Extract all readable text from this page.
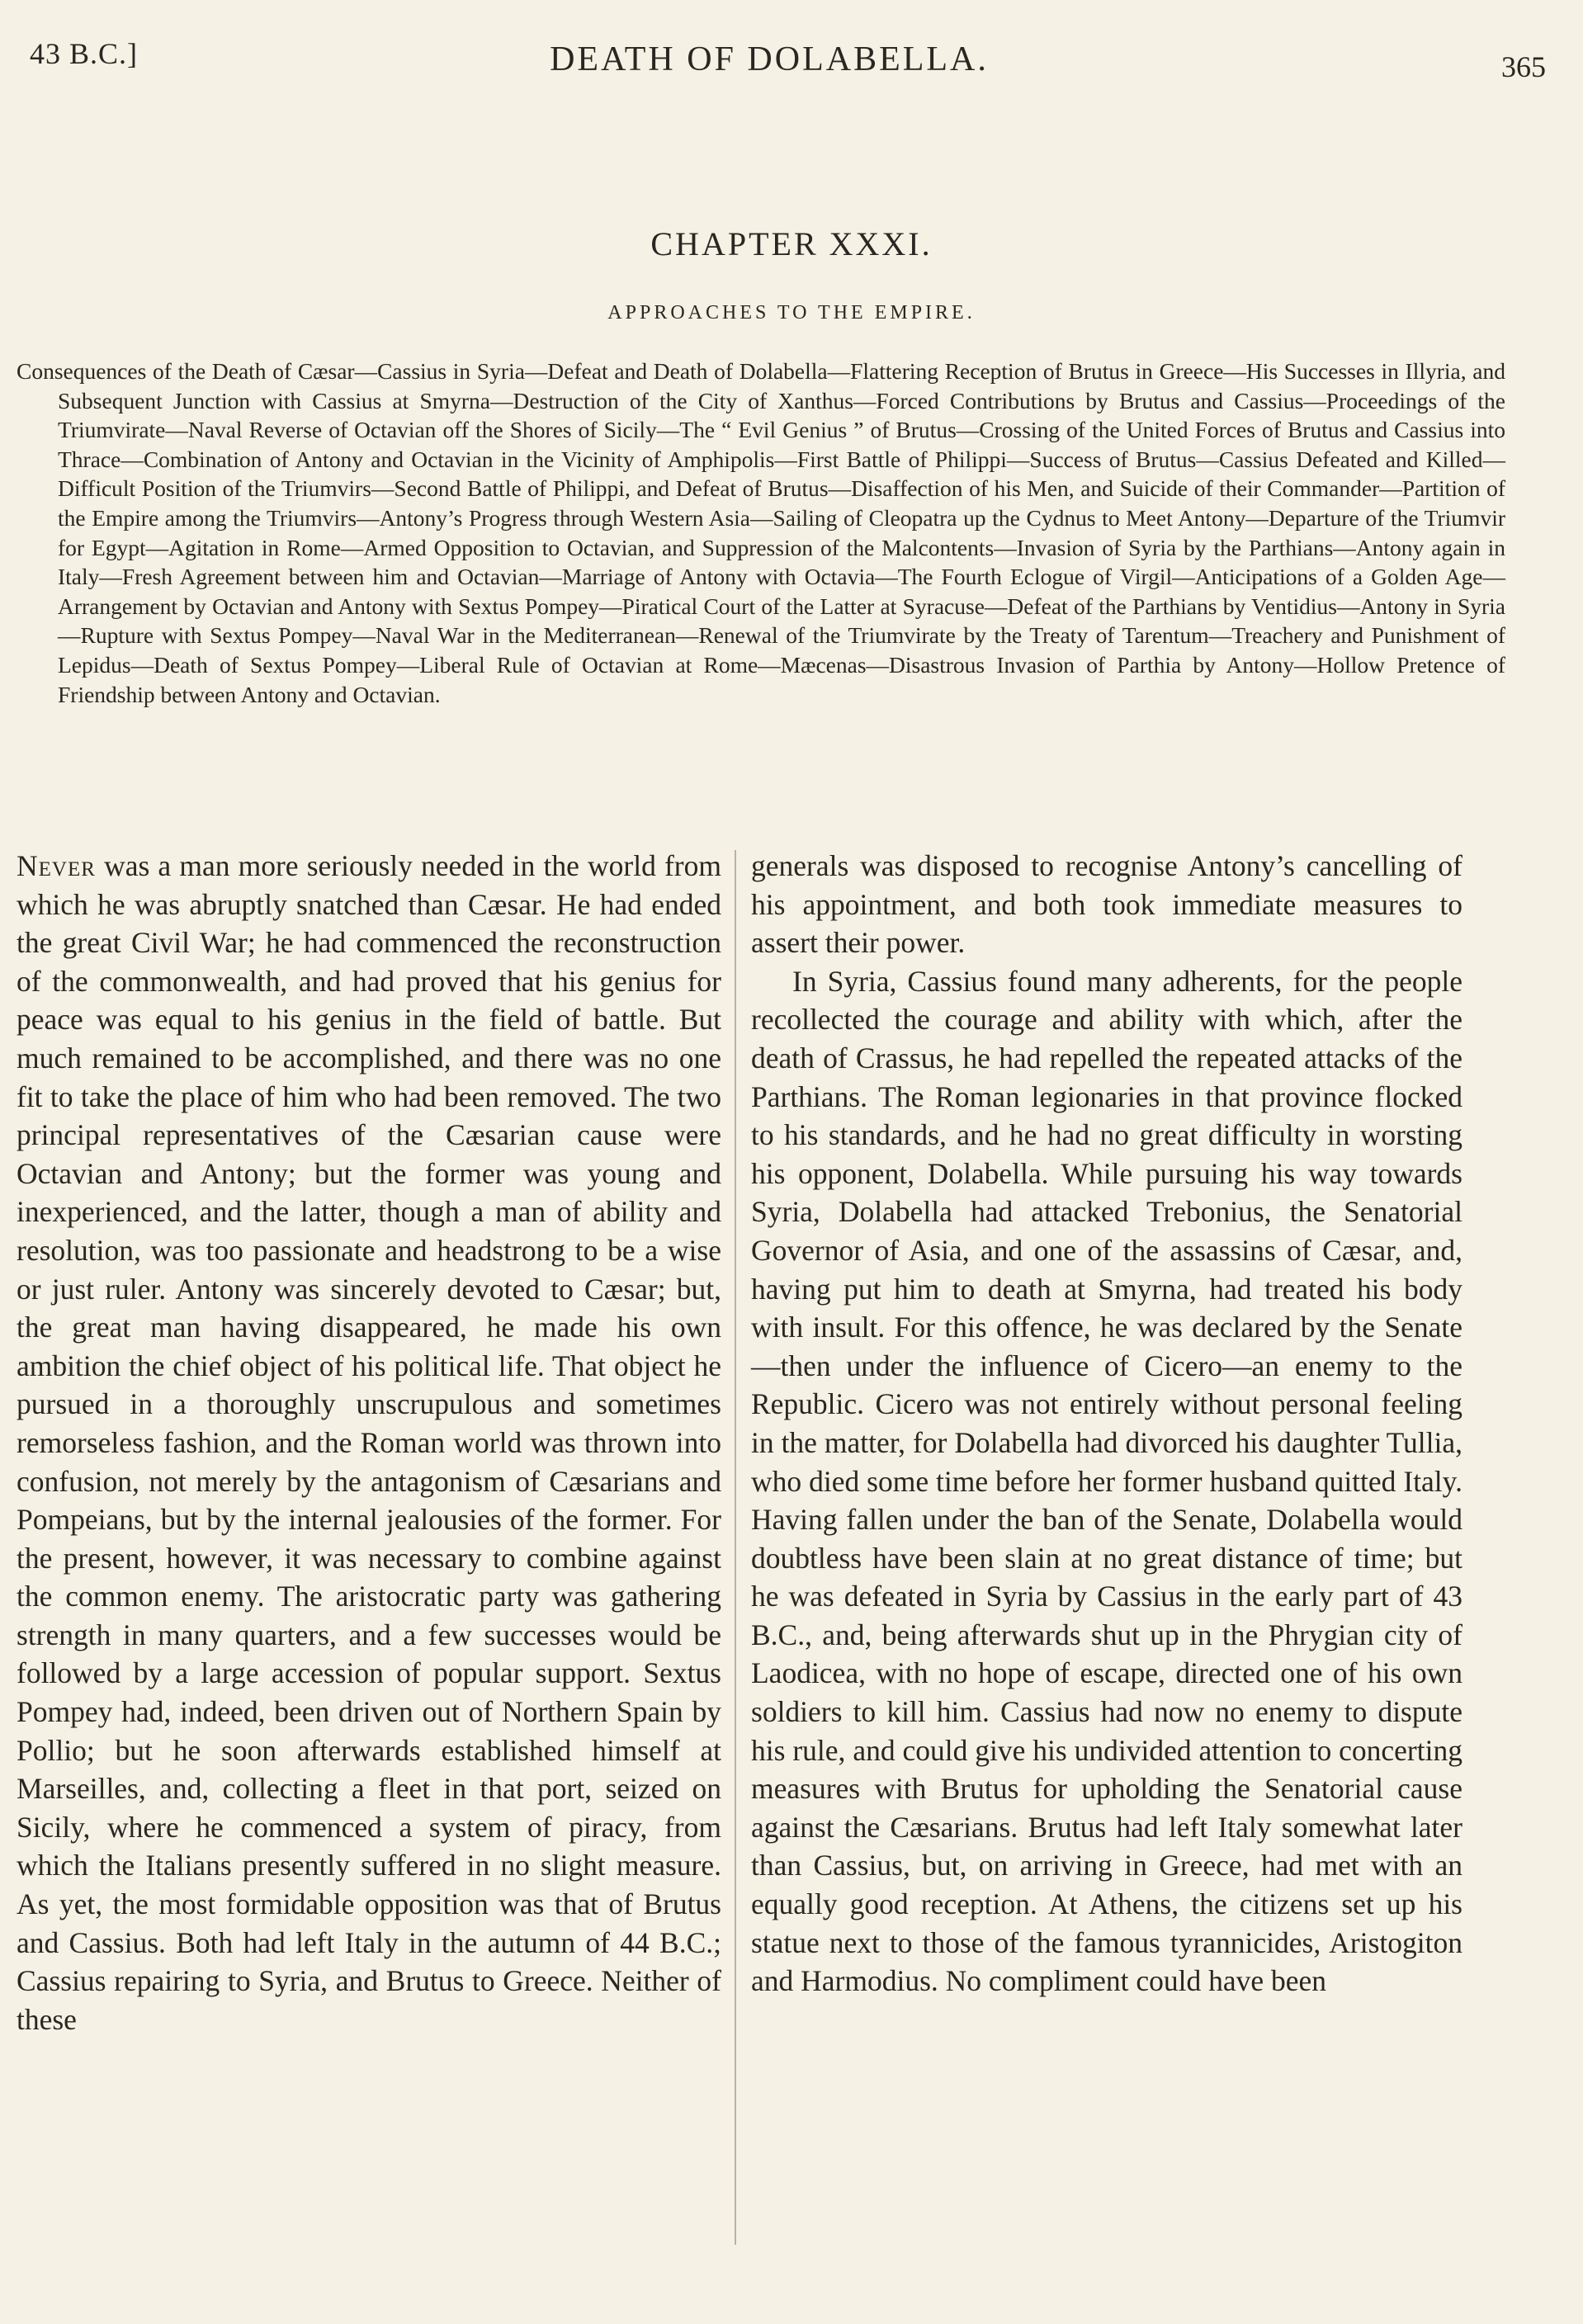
43 B.C.]	DEATH OF DOLABELLA.	365
CHAPTER XXXI.
APPROACHES TO THE EMPIRE.

Consequences of the Death of Cæsar—Cassius in Syria—Defeat and Death of Dolabella—Flattering Reception of Brutus in Greece—His Successes in Illyria, and Subsequent Junction with Cassius at Smyrna—Destruction of the City of Xanthus—Forced Contributions by Brutus and Cassius—Proceedings of the Triumvirate—Naval Reverse of Octavian off the Shores of Sicily—The “ Evil Genius ” of Brutus—Crossing of the United Forces of Brutus and Cassius into Thrace—Combination of Antony and Octavian in the Vicinity of Amphipolis—First Battle of Philippi—Success of Brutus—Cassius Defeated and Killed—Difficult Position of the Triumvirs—Second Battle of Philippi, and Defeat of Brutus—Disaffection of his Men, and Suicide of their Commander—Partition of the Empire among the Triumvirs—Antony’s Progress through Western Asia—Sailing of Cleopatra up the Cydnus to Meet Antony—Departure of the Triumvir for Egypt—Agitation in Rome—Armed Opposition to Octavian, and Suppression of the Malcontents—Invasion of Syria by the Parthians—Antony again in Italy—Fresh Agreement between him and Octavian—Marriage of Antony with Octavia—The Fourth Eclogue of Virgil—Anticipations of a Golden Age—Arrangement by Octavian and Antony with Sextus Pompey—Piratical Court of the Latter at Syracuse—Defeat of the Parthians by Ventidius—Antony in Syria—Rupture with Sextus Pompey—Naval War in the Mediterranean—Renewal of the Triumvirate by the Treaty of Tarentum—Treachery and Punishment of Lepidus—Death of Sextus Pompey—Liberal Rule of Octavian at Rome—Mæcenas—Disastrous Invasion of Parthia by Antony—Hollow Pretence of Friendship between Antony and Octavian.

Never was a man more seriously needed in the world from which he was abruptly snatched than Cæsar. He had ended the great Civil War; he had commenced the reconstruction of the commonwealth, and had proved that his genius for peace was equal to his genius in the field of battle. But much remained to be accomplished, and there was no one fit to take the place of him who had been removed. The two principal representatives of the Cæsarian cause were Octavian and Antony; but the former was young and inexperienced, and the latter, though a man of ability and resolution, was too passionate and headstrong to be a wise or just ruler. Antony was sincerely devoted to Cæsar; but, the great man having disappeared, he made his own ambition the chief object of his political life. That object he pursued in a thoroughly unscrupulous and sometimes remorseless fashion, and the Roman world was thrown into confusion, not merely by the antagonism of Cæsarians and Pompeians, but by the internal jealousies of the former. For the present, however, it was necessary to combine against the common enemy. The aristocratic party was gathering strength in many quarters, and a few successes would be followed by a large accession of popular support. Sextus Pompey had, indeed, been driven out of Northern Spain by Pollio; but he soon afterwards established himself at Marseilles, and, collecting a fleet in that port, seized on Sicily, where he commenced a system of piracy, from which the Italians presently suffered in no slight measure. As yet, the most formidable opposition was that of Brutus and Cassius. Both had left Italy in the autumn of 44 B.C.; Cassius repairing to Syria, and Brutus to Greece. Neither of these

generals was disposed to recognise Antony’s cancelling of his appointment, and both took immediate measures to assert their power.

In Syria, Cassius found many adherents, for the people recollected the courage and ability with which, after the death of Crassus, he had repelled the repeated attacks of the Parthians. The Roman legionaries in that province flocked to his standards, and he had no great difficulty in worsting his opponent, Dolabella. While pursuing his way towards Syria, Dolabella had attacked Trebonius, the Senatorial Governor of Asia, and one of the assassins of Cæsar, and, having put him to death at Smyrna, had treated his body with insult. For this offence, he was declared by the Senate—then under the influence of Cicero—an enemy to the Republic. Cicero was not entirely without personal feeling in the matter, for Dolabella had divorced his daughter Tullia, who died some time before her former husband quitted Italy. Having fallen under the ban of the Senate, Dolabella would doubtless have been slain at no great distance of time; but he was defeated in Syria by Cassius in the early part of 43 B.C., and, being afterwards shut up in the Phrygian city of Laodicea, with no hope of escape, directed one of his own soldiers to kill him. Cassius had now no enemy to dispute his rule, and could give his undivided attention to concerting measures with Brutus for upholding the Senatorial cause against the Cæsarians. Brutus had left Italy somewhat later than Cassius, but, on arriving in Greece, had met with an equally good reception. At Athens, the citizens set up his statue next to those of the famous tyrannicides, Aristogiton and Harmodius. No compliment could have been
